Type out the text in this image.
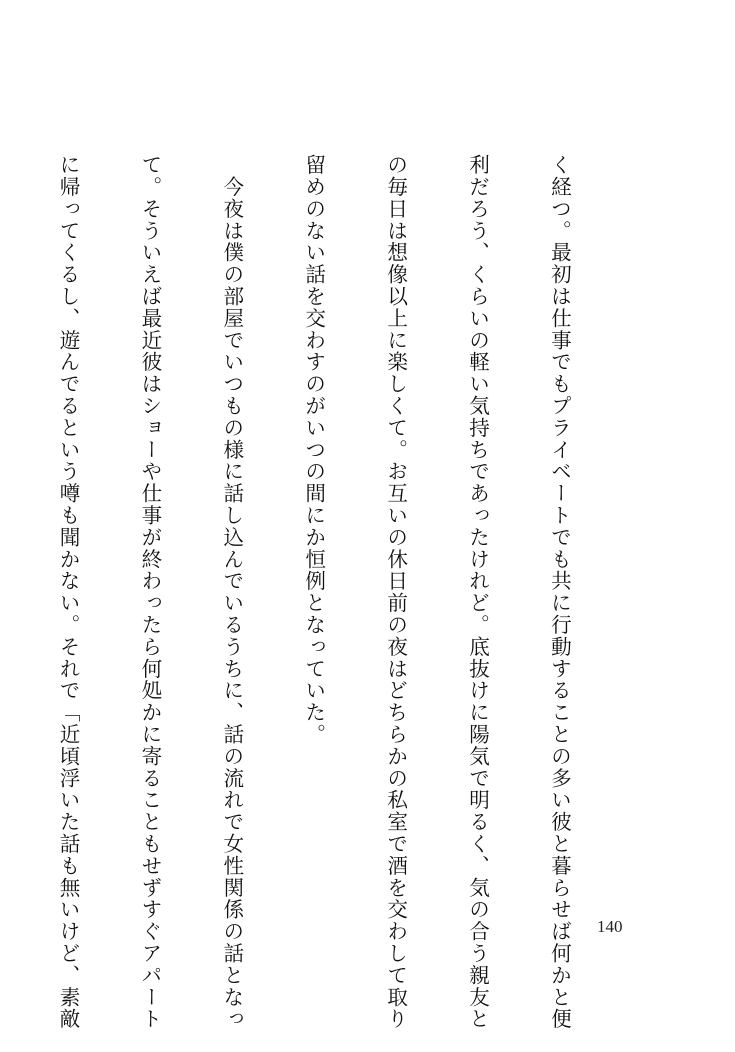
く経つ。最初は仕事でもプライベートでも共に行動することの多い彼と暮らせば何かと便

利だろう、くらいの軽い気持ちであったけれど。底抜けに陽気で明るく、気の合う親友と

の毎日は想像以上に楽しくて。お互いの休日前の夜はどちらかの私室で酒を交わして取り

留めのない話を交わすのがいつの間にか恒例となっていた。

　今夜は僕の部屋でいつもの様に話し込んでいるうちに、話の流れで女性関係の話となっ

て。そういえば最近彼はショーや仕事が終わったら何処かに寄ることもせずすぐアパート

に帰ってくるし、遊んでるという噂も聞かない。それで「近頃浮いた話も無いけど、素敵

	140
